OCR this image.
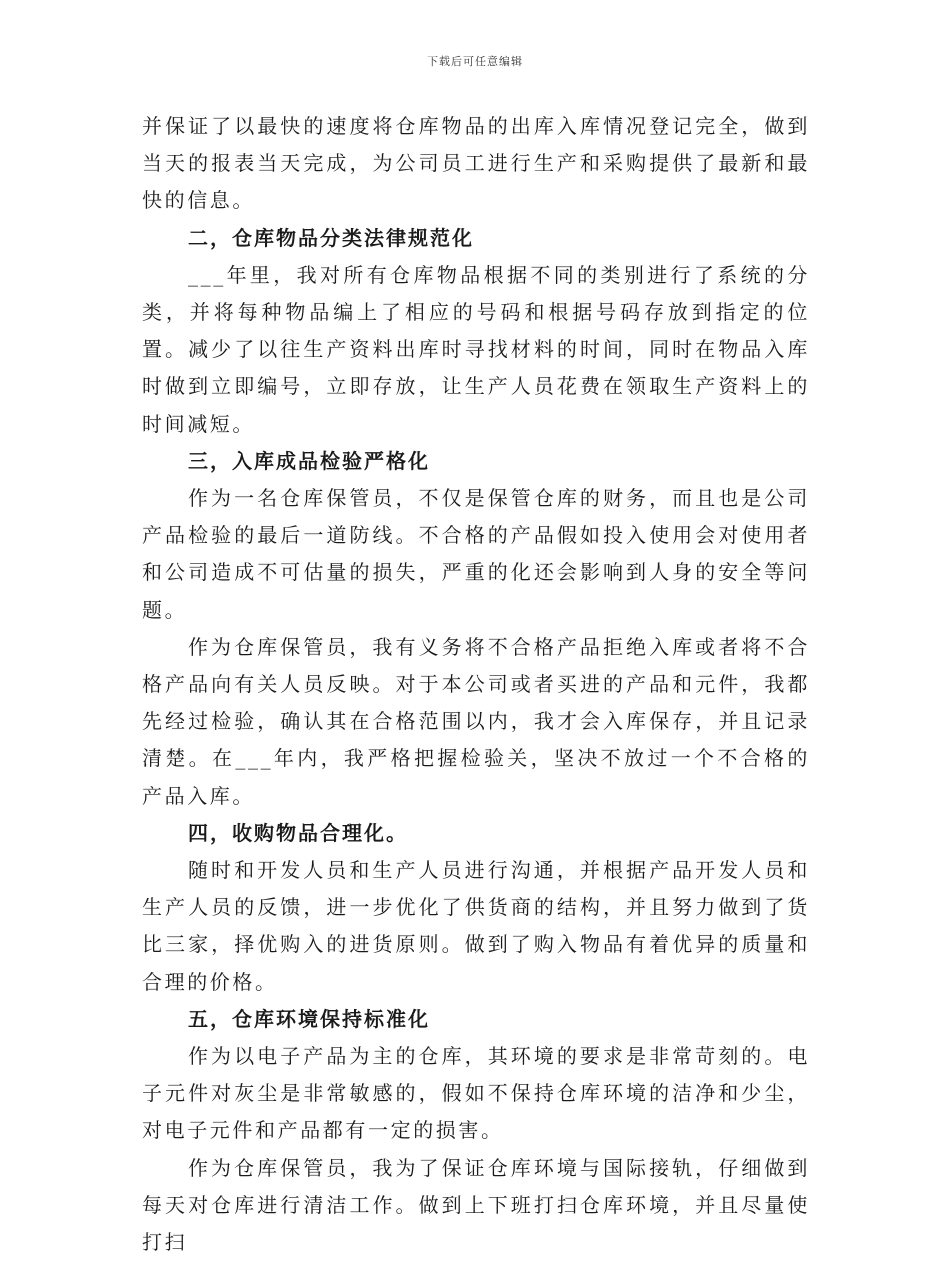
下载后可任意编辑

并保证了以最快的速度将仓库物品的出库入库情况登记完全，做到当天的报表当天完成，为公司员工进行生产和采购提供了最新和最快的信息。

二，仓库物品分类法律规范化

___年里，我对所有仓库物品根据不同的类别进行了系统的分类，并将每种物品编上了相应的号码和根据号码存放到指定的位置。减少了以往生产资料出库时寻找材料的时间，同时在物品入库时做到立即编号，立即存放，让生产人员花费在领取生产资料上的时间减短。

三，入库成品检验严格化

作为一名仓库保管员，不仅是保管仓库的财务，而且也是公司产品检验的最后一道防线。不合格的产品假如投入使用会对使用者和公司造成不可估量的损失，严重的化还会影响到人身的安全等问题。

作为仓库保管员，我有义务将不合格产品拒绝入库或者将不合格产品向有关人员反映。对于本公司或者买进的产品和元件，我都先经过检验，确认其在合格范围以内，我才会入库保存，并且记录清楚。在___年内，我严格把握检验关，坚决不放过一个不合格的产品入库。

四，收购物品合理化。

随时和开发人员和生产人员进行沟通，并根据产品开发人员和生产人员的反馈，进一步优化了供货商的结构，并且努力做到了货比三家，择优购入的进货原则。做到了购入物品有着优异的质量和合理的价格。

五，仓库环境保持标准化

作为以电子产品为主的仓库，其环境的要求是非常苛刻的。电子元件对灰尘是非常敏感的，假如不保持仓库环境的洁净和少尘，对电子元件和产品都有一定的损害。

作为仓库保管员，我为了保证仓库环境与国际接轨，仔细做到每天对仓库进行清洁工作。做到上下班打扫仓库环境，并且尽量使打扫
